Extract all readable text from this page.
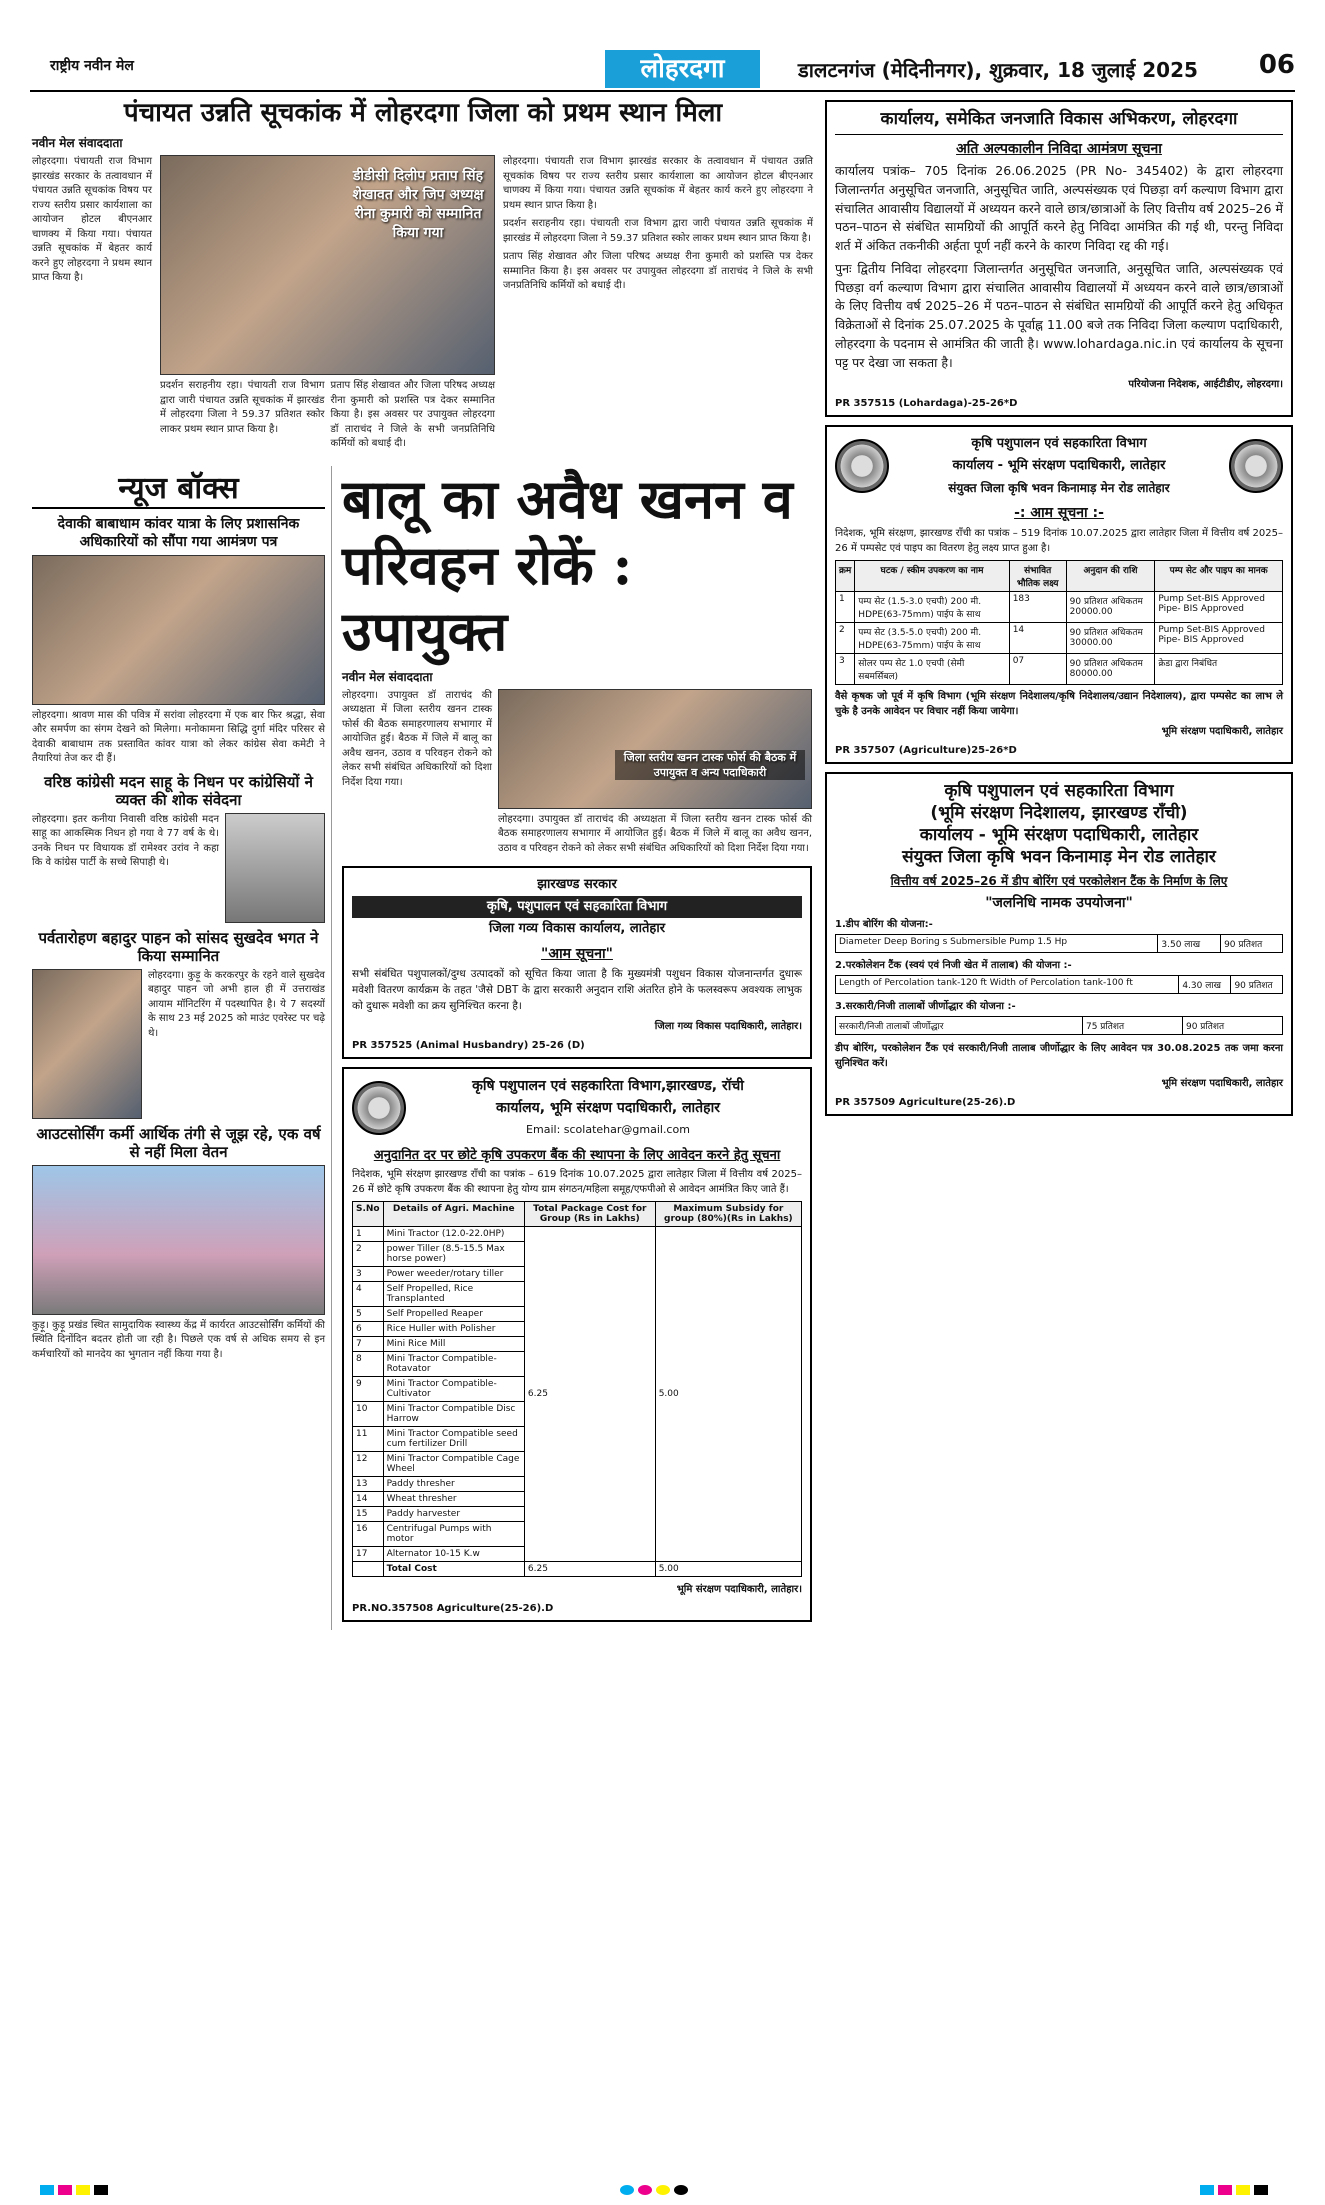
राष्ट्रीय नवीन मेल	लोहरदगा	डालटनगंज (मेदिनीनगर), शुक्रवार, 18 जुलाई 2025 06
पंचायत उन्नति सूचकांक में लोहरदगा जिला को प्रथम स्थान मिला
नवीन मेल संवाददाता

लोहरदगा। पंचायती राज विभाग झारखंड सरकार के तत्वावधान में पंचायत उन्नति सूचकांक विषय पर राज्य स्तरीय प्रसार कार्यशाला का आयोजन होटल बीएनआर चाणक्य में किया गया। पंचायत उन्नति सूचकांक में बेहतर कार्य करने हुए लोहरदगा ने प्रथम स्थान प्राप्त किया है।

डीडीसी दिलीप प्रताप सिंह शेखावत और जिप अध्यक्ष रीना कुमारी को सम्मानित किया गया
प्रदर्शन सराहनीय रहा। पंचायती राज विभाग द्वारा जारी पंचायत उन्नति सूचकांक में झारखंड में लोहरदगा जिला ने 59.37 प्रतिशत स्कोर लाकर प्रथम स्थान प्राप्त किया है।
प्रताप सिंह शेखावत और जिला परिषद अध्यक्ष रीना कुमारी को प्रशस्ति पत्र देकर सम्मानित किया है। इस अवसर पर उपायुक्त लोहरदगा डॉ ताराचंद ने जिले के सभी जनप्रतिनिधि कर्मियों को बधाई दी।

लोहरदगा। पंचायती राज विभाग झारखंड सरकार के तत्वावधान में पंचायत उन्नति सूचकांक विषय पर राज्य स्तरीय प्रसार कार्यशाला का आयोजन होटल बीएनआर चाणक्य में किया गया। पंचायत उन्नति सूचकांक में बेहतर कार्य करने हुए लोहरदगा ने प्रथम स्थान प्राप्त किया है।

प्रदर्शन सराहनीय रहा। पंचायती राज विभाग द्वारा जारी पंचायत उन्नति सूचकांक में झारखंड में लोहरदगा जिला ने 59.37 प्रतिशत स्कोर लाकर प्रथम स्थान प्राप्त किया है।

प्रताप सिंह शेखावत और जिला परिषद अध्यक्ष रीना कुमारी को प्रशस्ति पत्र देकर सम्मानित किया है। इस अवसर पर उपायुक्त लोहरदगा डॉ ताराचंद ने जिले के सभी जनप्रतिनिधि कर्मियों को बधाई दी।

न्यूज बॉक्स
देवाकी बाबाधाम कांवर यात्रा के लिए प्रशासनिक अधिकारियों को सौंपा गया आमंत्रण पत्र
लोहरदगा। श्रावण मास की पवित्र में सरांवा लोहरदगा में एक बार फिर श्रद्धा, सेवा और समर्पण का संगम देखने को मिलेगा। मनोकामना सिद्धि दुर्गा मंदिर परिसर से देवाकी बाबाधाम तक प्रस्तावित कांवर यात्रा को लेकर कांग्रेस सेवा कमेटी ने तैयारियां तेज कर दी हैं।
वरिष्ठ कांग्रेसी मदन साहू के निधन पर कांग्रेसियों ने व्यक्त की शोक संवेदना
लोहरदगा। इतर कनीया निवासी वरिष्ठ कांग्रेसी मदन साहू का आकस्मिक निधन हो गया वे 77 वर्ष के थे। उनके निधन पर विधायक डॉ रामेश्वर उरांव ने कहा कि वे कांग्रेस पार्टी के सच्चे सिपाही थे।
पर्वतारोहण बहादुर पाहन को सांसद सुखदेव भगत ने किया सम्मानित
लोहरदगा। कुड़ू के करकरपुर के रहने वाले सुखदेव बहादुर पाहन जो अभी हाल ही में उत्तराखंड आयाम मॉनिटरिंग में पदस्थापित है। ये 7 सदस्यों के साथ 23 मई 2025 को माउंट एवरेस्ट पर चढ़े थे।
आउटसोर्सिंग कर्मी आर्थिक तंगी से जूझ रहे, एक वर्ष से नहीं मिला वेतन
कुड़ू। कुड़ू प्रखंड स्थित सामुदायिक स्वास्थ्य केंद्र में कार्यरत आउटसोर्सिंग कर्मियों की स्थिति दिनोंदिन बदतर होती जा रही है। पिछले एक वर्ष से अधिक समय से इन कर्मचारियों को मानदेय का भुगतान नहीं किया गया है।
बालू का अवैध खनन व
परिवहन रोकें : उपायुक्त
नवीन मेल संवाददाता
लोहरदगा। उपायुक्त डॉ ताराचंद की अध्यक्षता में जिला स्तरीय खनन टास्क फोर्स की बैठक समाहरणालय सभागार में आयोजित हुई। बैठक में जिले में बालू का अवैध खनन, उठाव व परिवहन रोकने को लेकर सभी संबंधित अधिकारियों को दिशा निर्देश दिया गया।
जिला स्तरीय खनन टास्क फोर्स की बैठक में उपायुक्त व अन्य पदाधिकारी
लोहरदगा। उपायुक्त डॉ ताराचंद की अध्यक्षता में जिला स्तरीय खनन टास्क फोर्स की बैठक समाहरणालय सभागार में आयोजित हुई। बैठक में जिले में बालू का अवैध खनन, उठाव व परिवहन रोकने को लेकर सभी संबंधित अधिकारियों को दिशा निर्देश दिया गया।
झारखण्ड सरकार
कृषि, पशुपालन एवं सहकारिता विभाग
जिला गव्य विकास कार्यालय, लातेहार
"आम सूचना"
सभी संबंधित पशुपालकों/दुग्ध उत्पादकों को सूचित किया जाता है कि मुख्यमंत्री पशुधन विकास योजनान्तर्गत दुधारू मवेशी वितरण कार्यक्रम के तहत 'जैसे DBT के द्वारा सरकारी अनुदान राशि अंतरित होने के फलस्वरूप अवश्यक लाभुक को दुधारू मवेशी का क्रय सुनिश्चित करना है।
जिला गव्य विकास पदाधिकारी, लातेहार।
PR 357525 (Animal Husbandry) 25-26 (D)
कृषि पशुपालन एवं सहकारिता विभाग,झारखण्ड, रॉची
कार्यालय, भूमि संरक्षण पदाधिकारी, लातेहार
Email: scolatehar@gmail.com
अनुदानित दर पर छोटे कृषि उपकरण बैंक की स्थापना के लिए आवेदन करने हेतु सूचना
निदेशक, भूमि संरक्षण झारखण्ड राँची का पत्रांक – 619 दिनांक 10.07.2025 द्वारा लातेहार जिला में वित्तीय वर्ष 2025–26 में छोटे कृषि उपकरण बैंक की स्थापना हेतु योग्य ग्राम संगठन/महिला समूह/एफपीओ से आवेदन आमंत्रित किए जाते हैं।
S.No	Details of Agri. Machine	Total Package Cost for Group (Rs in Lakhs)	Maximum Subsidy for group (80%)(Rs in Lakhs)
1	Mini Tractor (12.0-22.0HP)	6.25	5.00
2	power Tiller (8.5-15.5 Max horse power)		
3	Power weeder/rotary tiller		
4	Self Propelled, Rice Transplanted		
5	Self Propelled Reaper		
6	Rice Huller with Polisher		
7	Mini Rice Mill		
8	Mini Tractor Compatible-Rotavator		
9	Mini Tractor Compatible-Cultivator		
10	Mini Tractor Compatible Disc Harrow		
11	Mini Tractor Compatible seed cum fertilizer Drill		
12	Mini Tractor Compatible Cage Wheel		
13	Paddy thresher		
14	Wheat thresher		
15	Paddy harvester		
16	Centrifugal Pumps with motor		
17	Alternator 10-15 K.w		
	Total Cost	6.25	5.00
भूमि संरक्षण पदाधिकारी, लातेहार।
PR.NO.357508 Agriculture(25-26).D
कार्यालय, समेकित जनजाति विकास अभिकरण, लोहरदगा
अति अल्पकालीन निविदा आमंत्रण सूचना
कार्यालय पत्रांक– 705 दिनांक 26.06.2025 (PR No- 345402) के द्वारा लोहरदगा जिलान्तर्गत अनुसूचित जनजाति, अनुसूचित जाति, अल्पसंख्यक एवं पिछड़ा वर्ग कल्याण विभाग द्वारा संचालित आवासीय विद्यालयों में अध्ययन करने वाले छात्र/छात्राओं के लिए वित्तीय वर्ष 2025–26 में पठन–पाठन से संबंधित सामग्रियों की आपूर्ति करने हेतु निविदा आमंत्रित की गई थी, परन्तु निविदा शर्त में अंकित तकनीकी अर्हता पूर्ण नहीं करने के कारण निविदा रद्द की गई।
पुनः द्वितीय निविदा लोहरदगा जिलान्तर्गत अनुसूचित जनजाति, अनुसूचित जाति, अल्पसंख्यक एवं पिछड़ा वर्ग कल्याण विभाग द्वारा संचालित आवासीय विद्यालयों में अध्ययन करने वाले छात्र/छात्राओं के लिए वित्तीय वर्ष 2025–26 में पठन–पाठन से संबंधित सामग्रियों की आपूर्ति करने हेतु अधिकृत विक्रेताओं से दिनांक 25.07.2025 के पूर्वाह्न 11.00 बजे तक निविदा जिला कल्याण पदाधिकारी, लोहरदगा के पदनाम से आमंत्रित की जाती है। www.lohardaga.nic.in एवं कार्यालय के सूचना पट्ट पर देखा जा सकता है।
परियोजना निदेशक, आईटीडीए, लोहरदगा।
PR 357515 (Lohardaga)-25-26*D
कृषि पशुपालन एवं सहकारिता विभाग
कार्यालय - भूमि संरक्षण पदाधिकारी, लातेहार
संयुक्त जिला कृषि भवन किनामाड़ मेन रोड लातेहार
-: आम सूचना :-
निदेशक, भूमि संरक्षण, झारखण्ड राँची का पत्रांक – 519 दिनांक 10.07.2025 द्वारा लातेहार जिला में वित्तीय वर्ष 2025–26 में पम्पसेट एवं पाइप का वितरण हेतु लक्ष्य प्राप्त हुआ है।
क्रम	घटक / स्कीम उपकरण का नाम	संभावित भौतिक लक्ष्य	अनुदान की राशि	पम्प सेट और पाइप का मानक
1	पम्प सेट (1.5-3.0 एचपी) 200 मी. HDPE(63-75mm) पाईप के साथ	183	90 प्रतिशत अधिकतम 20000.00	Pump Set-BIS Approved Pipe- BIS Approved
2	पम्प सेट (3.5-5.0 एचपी) 200 मी. HDPE(63-75mm) पाईप के साथ	14	90 प्रतिशत अधिकतम 30000.00	Pump Set-BIS Approved Pipe- BIS Approved
3	सोलर पम्प सेट 1.0 एचपी (सेमी सबमर्सिबल)	07	90 प्रतिशत अधिकतम 80000.00	क्रेडा द्वारा निबंधित
वैसे कृषक जो पूर्व में कृषि विभाग (भूमि संरक्षण निदेशालय/कृषि निदेशालय/उद्यान निदेशालय), द्वारा पम्पसेट का लाभ ले चुके है उनके आवेदन पर विचार नहीं किया जायेगा।
भूमि संरक्षण पदाधिकारी, लातेहार
PR 357507 (Agriculture)25-26*D
कृषि पशुपालन एवं सहकारिता विभाग
(भूमि संरक्षण निदेशालय, झारखण्ड राँची)
कार्यालय - भूमि संरक्षण पदाधिकारी, लातेहार
संयुक्त जिला कृषि भवन किनामाड़ मेन रोड लातेहार
वित्तीय वर्ष 2025–26 में डीप बोरिंग एवं परकोलेशन टैंक के निर्माण के लिए
"जलनिधि नामक उपयोजना"
1.डीप बोरिंग की योजना:-
Diameter Deep Boring s Submersible Pump 1.5 Hp	3.50 लाख	90 प्रतिशत
2.परकोलेशन टैंक (स्वयं एवं निजी खेत में तालाब) की योजना :-
Length of Percolation tank-120 ft Width of Percolation tank-100 ft	4.30 लाख	90 प्रतिशत
3.सरकारी/निजी तालाबों जीर्णोद्धार की योजना :-
सरकारी/निजी तालाबों जीर्णोद्धार	75 प्रतिशत	90 प्रतिशत
डीप बोरिंग, परकोलेशन टैंक एवं सरकारी/निजी तालाब जीर्णोद्धार के लिए आवेदन पत्र 30.08.2025 तक जमा करना सुनिश्चित करें।
भूमि संरक्षण पदाधिकारी, लातेहार
PR 357509 Agriculture(25-26).D
